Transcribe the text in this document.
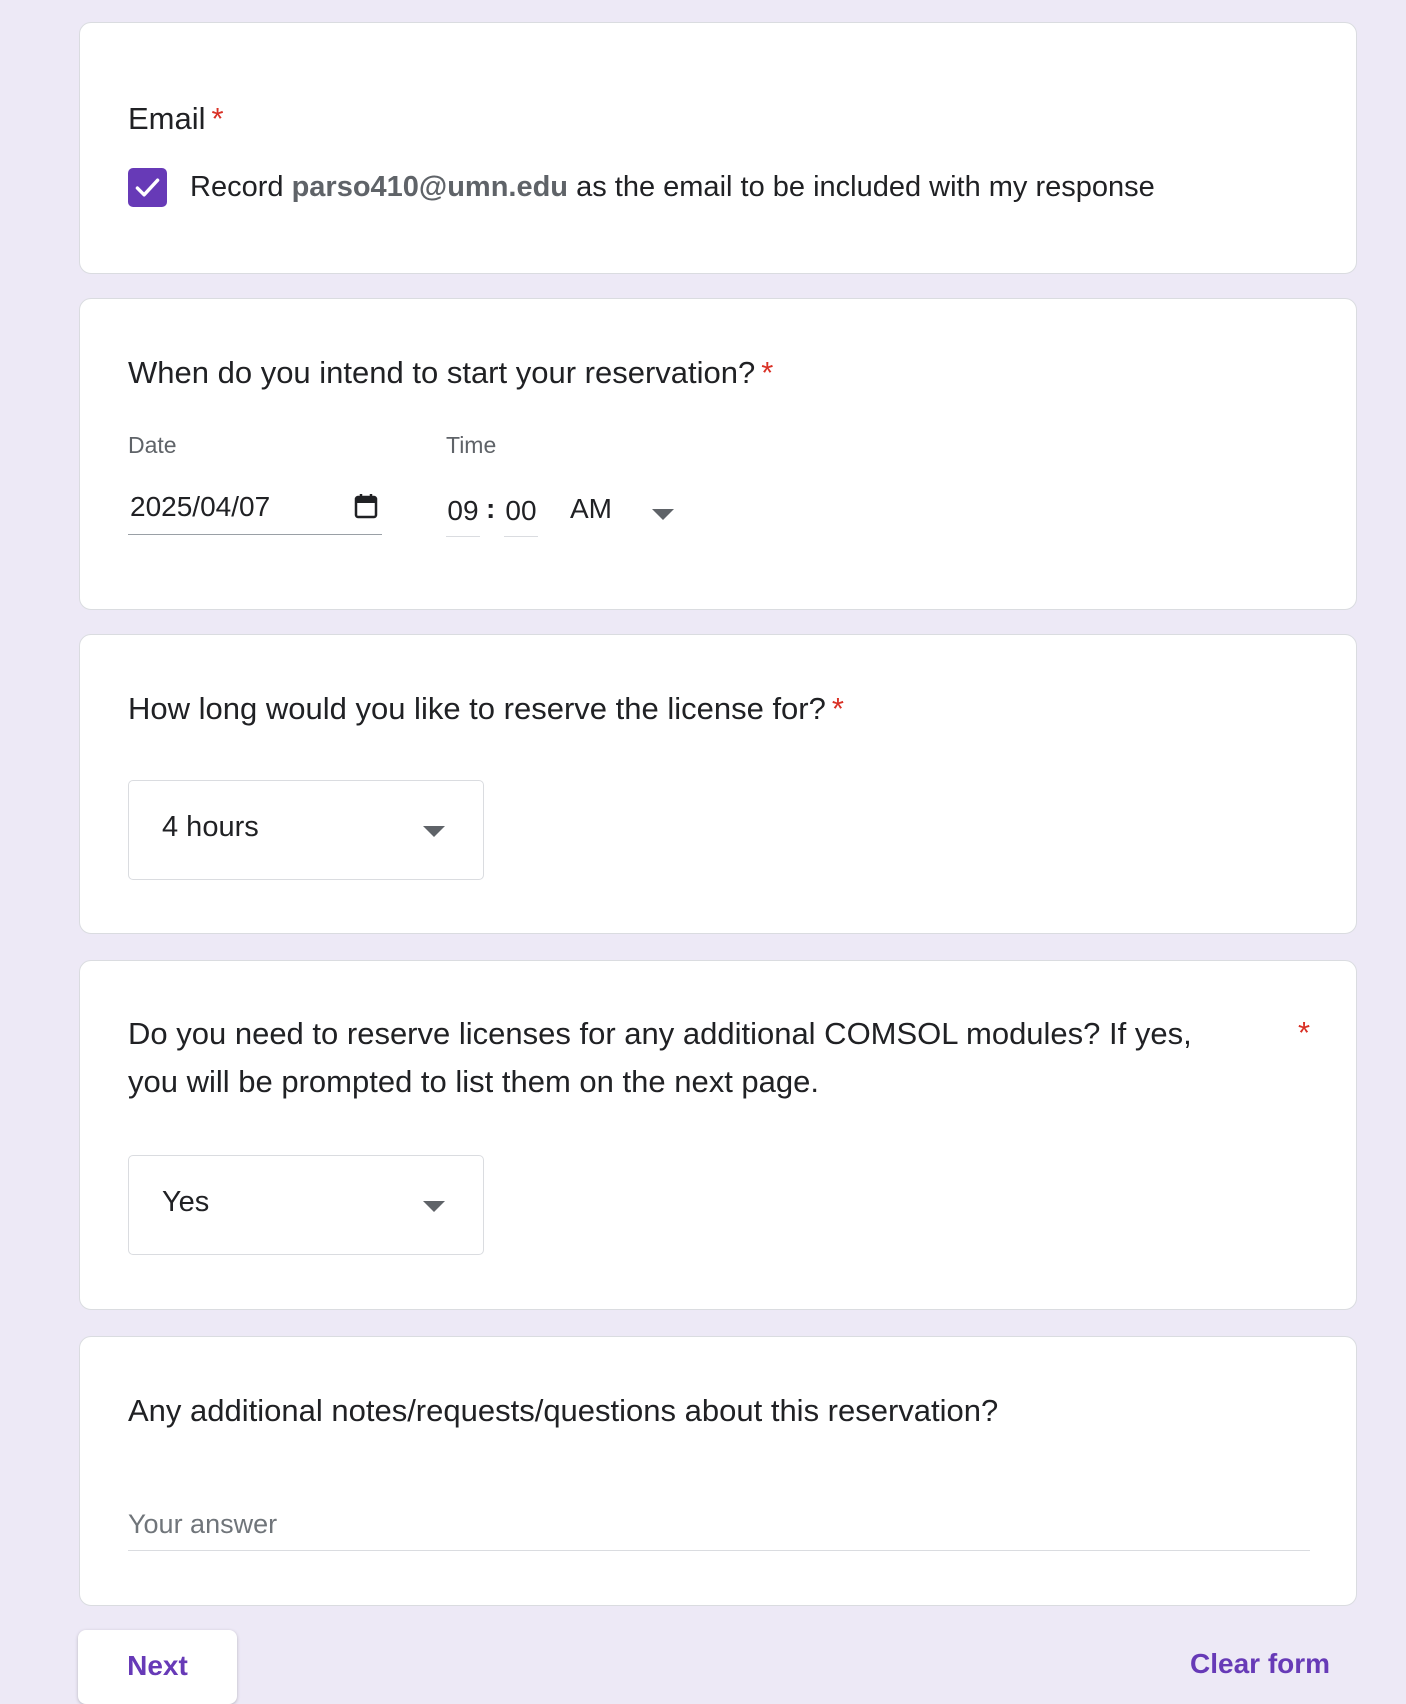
Email *
Record parso410@umn.edu as the email to be included with my response
When do you intend to start your reservation? *
Date	Time
2025/04/07	09 : 00 AM
How long would you like to reserve the license for? *
4 hours
Do you need to reserve licenses for any additional COMSOL modules? If yes, you will be prompted to list them on the next page.
*
Yes
Any additional notes/requests/questions about this reservation?
Your answer
Next	Clear form
